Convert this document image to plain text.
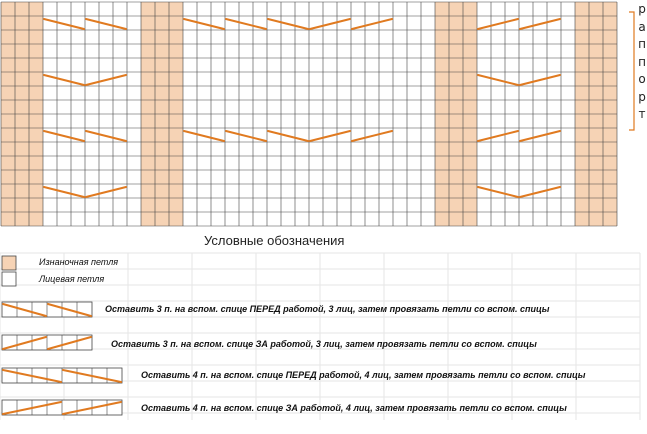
р
а
п
п
о
р
т
Условные обозначения
Изнаночная петля
Лицевая петля
Оставить 3 п. на вспом. спице ПЕРЕД работой, 3 лиц, затем провязать петли со вспом. спицы
Оставить 3 п. на вспом. спице ЗА работой, 3 лиц, затем провязать петли со вспом. спицы
Оставить 4 п. на вспом. спице ПЕРЕД работой, 4 лиц, затем провязать петли со вспом. спицы
Оставить 4 п. на вспом. спице ЗА работой, 4 лиц, затем провязать петли со вспом. спицы
